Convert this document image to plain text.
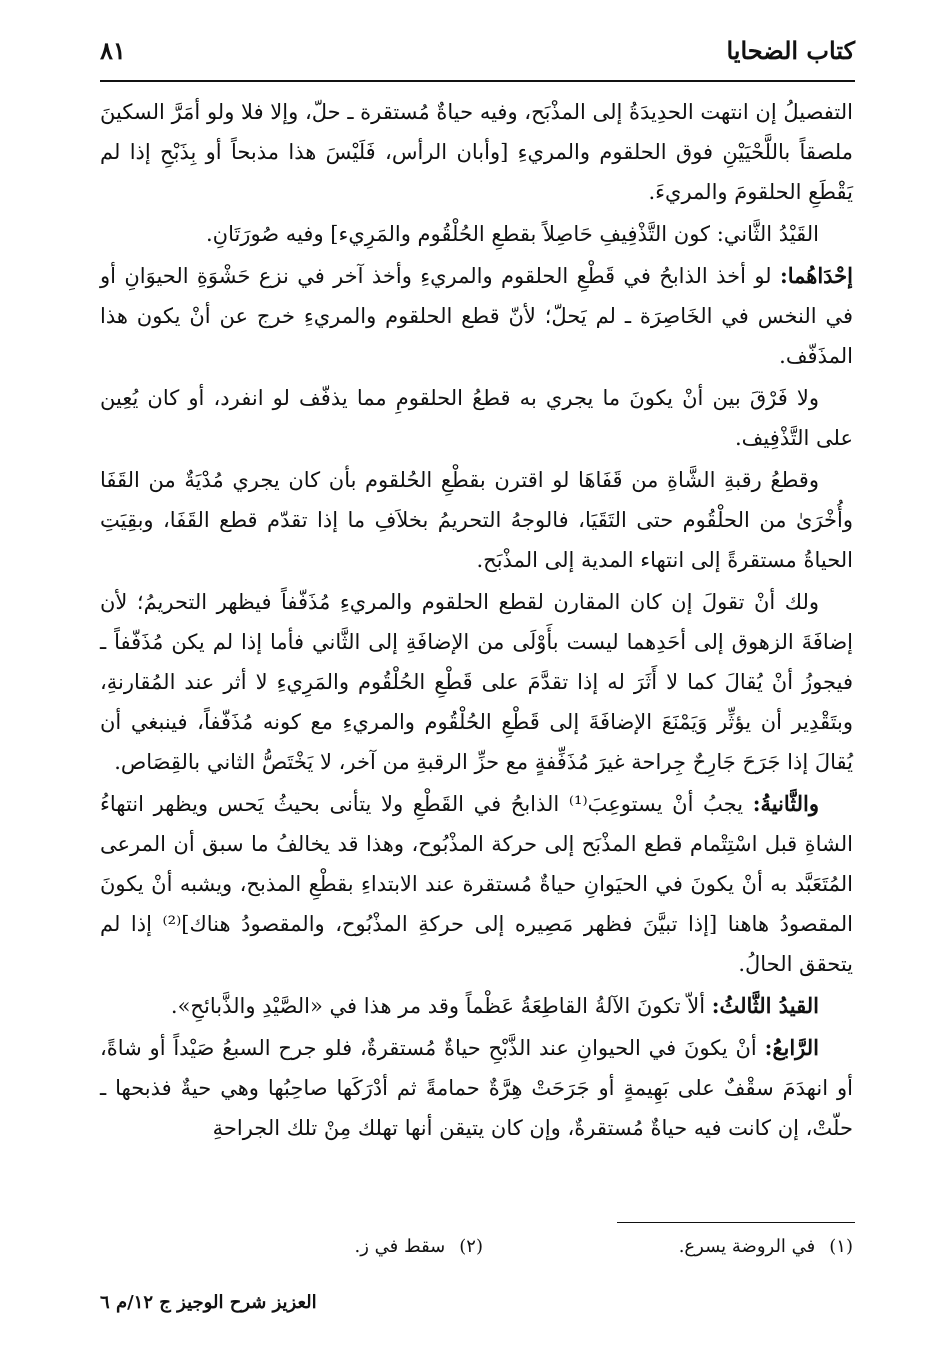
كتاب الضحايا
٨١

التفصيلُ إن انتهت الحدِيدَةُ إلى المذْبَح، وفيه حياةٌ مُستقرة ـ حلّ، وإلا فلا ولو أمَرَّ السكينَ ملصقاً باللَّحْيَيْنِ فوق الحلقوم والمريءِ [وأبان الرأس، فَلَيْسَ هذا مذبحاً أو بِذَبْحِ إذا لم يَقْطَعِ الحلقومَ والمريءَ.

القَيْدُ الثَّاني: كون التَّذْفِيفِ حَاصِلاً بقطعِ الحُلْقُوم والمَرِيء] وفيه صُورَتَانِ.

إحْدَاهُما: لو أخذ الذابحُ في قَطْعِ الحلقوم والمريءِ وأخذ آخر في نزع حَشْوَةِ الحيوَانِ أو في النخس في الخَاصِرَة ـ لم يَحلّ؛ لأنّ قطع الحلقوم والمريءِ خرج عن أنْ يكون هذا المذَفّف.

ولا فَرْقَ بين أنْ يكونَ ما يجري به قطعُ الحلقومِ مما يذفّف لو انفرد، أو كان يُعِين على التَّذْفِيف.

وقطعُ رقبةِ الشَّاةِ من قَفَاهَا لو اقترن بقطْعِ الحُلقوم بأن كان يجري مُدْيَةٌ من القَفَا وأُخْرَىٰ من الحلْقُوم حتى التَقَيَا، فالوجهُ التحريمُ بخلاَفِ ما إذا تقدّم قطع القَفَا، وبقِيَتِ الحياةُ مستقرةً إلى انتهاء المدية إلى المذْبَح.

ولك أنْ تقولَ إن كان المقارن لقطع الحلقوم والمريءِ مُذَفّفاً فيظهر التحريمُ؛ لأن إضافَةَ الزهوق إلى أحَدِهما ليست بأَوْلَى من الإضافَةِ إلى الثَّاني فأما إذا لم يكن مُذَفّفاً ـ فيجوزُ أنْ يُقالَ كما لا أَثَرَ له إذا تقدَّمَ على قَطْعِ الحُلْقُوم والمَرِيءِ لا أثر عند المُقارنةِ، وبتَقْدِير أن يؤثِّر وَيَمْنَعَ الإضافَةَ إلى قَطْعِ الحُلْقُوم والمريءِ مع كونه مُذَفّفاً، فينبغي أن يُقالَ إذا جَرَحَ جَارِحٌ جِراحة غيرَ مُذَفِّفةٍ مع حزِّ الرقبةِ من آخر، لا يَخْتَصُّ الثاني بالقِصَاص.

والثَّانيةُ: يجبُ أنْ يستوعِبَ⁽¹⁾ الذابحُ في القَطْعِ ولا يتأنى بحيثُ يَحس ويظهر انتهاءُ الشاةِ قبل اسْتِتْمام قطع المذْبَح إلى حركة المذْبُوح، وهذا قد يخالفُ ما سبق أن المرعى المُتَعَبَّد به أنْ يكونَ في الحيَوانِ حياةٌ مُستقرة عند الابتداءِ بقطْعِ المذبح، ويشبه أنْ يكونَ المقصودُ هاهنا [إذا تبيَّنَ فظهر مَصِيره إلى حركةِ المذْبُوح، والمقصودُ هناك]⁽²⁾ إذا لم يتحقق الحالُ.

القيدُ الثَّالثُ: ألاّ تكونَ الآلةُ القاطِعَةُ عَظْماً وقد مر هذا في «الصَّيْدِ والذَّبائحِ».

الرَّابعُ: أنْ يكونَ في الحيوانِ عند الذَّبْحِ حياةٌ مُستقرةٌ، فلو جرح السبعُ صَيْداً أو شاةً، أو انهدَمَ سقْفٌ على بَهِيمةٍ أو جَرَحَتْ هِرَّةٌ حمامةً ثم أدْرَكَها صاحِبُها وهي حيةٌ فذبحها ـ حلّتْ، إن كانت فيه حياةٌ مُستقرةٌ، وإن كان يتيقن أنها تهلك مِنْ تلك الجراحةِ

(١)في الروضة يسرع.
(٢)سقط في ز.
العزيز شرح الوجيز ج ١٢/م ٦
